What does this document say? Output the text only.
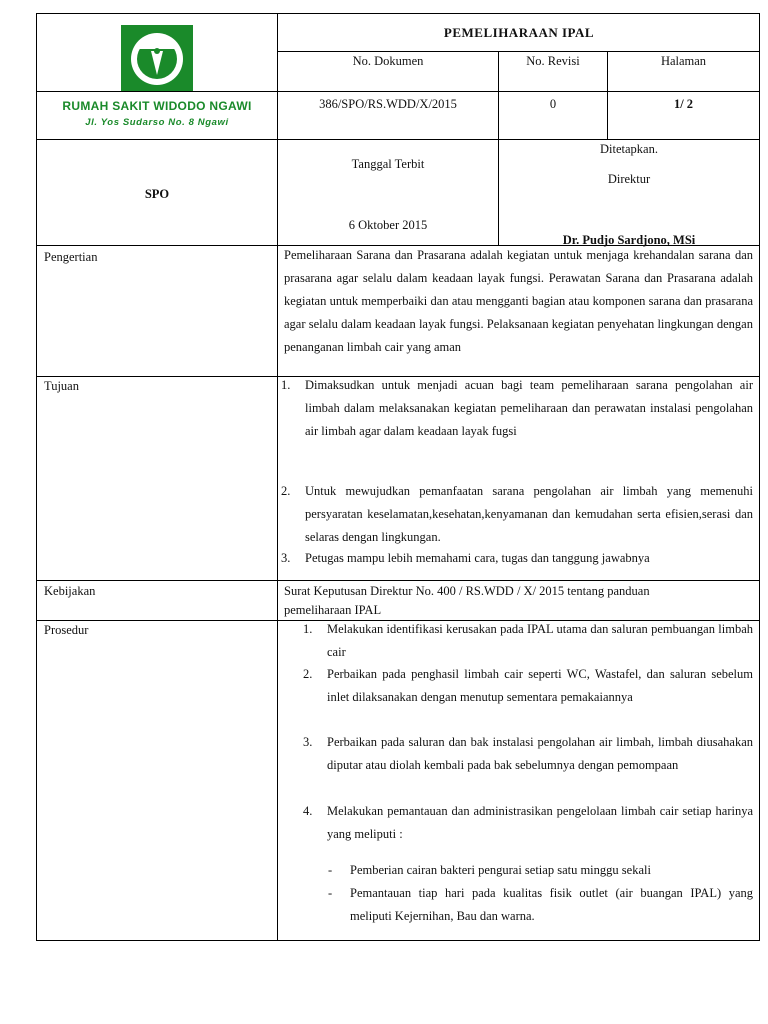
RUMAH SAKIT WIDODO NGAWI
Jl. Yos Sudarso No. 8 Ngawi
PEMELIHARAAN IPAL
No. Dokumen	No. Revisi	Halaman
386/SPO/RS.WDD/X/2015	0	1/ 2
SPO
Tanggal Terbit
6 Oktober 2015
Ditetapkan.
Direktur
Dr. Pudjo Sardjono, MSi
Pengertian	Pemeliharaan Sarana dan Prasarana adalah kegiatan untuk menjaga krehandalan sarana dan prasarana agar selalu dalam keadaan layak fungsi. Perawatan Sarana dan Prasarana adalah kegiatan untuk memperbaiki dan atau mengganti bagian atau komponen sarana dan prasarana agar selalu dalam keadaan layak fungsi. Pelaksanaan kegiatan penyehatan lingkungan dengan penanganan limbah cair yang aman
Tujuan	1. Dimaksudkan untuk menjadi acuan bagi team pemeliharaan sarana pengolahan air limbah dalam melaksanakan kegiatan pemeliharaan dan perawatan instalasi pengolahan air limbah agar dalam keadaan layak fugsi
2. Untuk mewujudkan pemanfaatan sarana pengolahan air limbah yang memenuhi persyaratan keselamatan,kesehatan,kenyamanan dan kemudahan serta efisien,serasi dan selaras dengan lingkungan.
3. Petugas mampu lebih memahami cara, tugas dan tanggung jawabnya
Kebijakan	Surat Keputusan Direktur No. 400 / RS.WDD / X/ 2015 tentang panduan pemeliharaan IPAL
Prosedur	1. Melakukan identifikasi kerusakan pada IPAL utama dan saluran pembuangan limbah cair
2. Perbaikan pada penghasil limbah cair seperti WC, Wastafel, dan saluran sebelum inlet dilaksanakan dengan menutup sementara pemakaiannya
3. Perbaikan pada saluran dan bak instalasi pengolahan air limbah, limbah diusahakan diputar atau diolah kembali pada bak sebelumnya dengan pemompaan
4. Melakukan pemantauan dan administrasikan pengelolaan limbah cair setiap harinya yang meliputi :
- Pemberian cairan bakteri pengurai setiap satu minggu sekali
- Pemantauan tiap hari pada kualitas fisik outlet (air buangan IPAL) yang meliputi Kejernihan, Bau dan warna.
